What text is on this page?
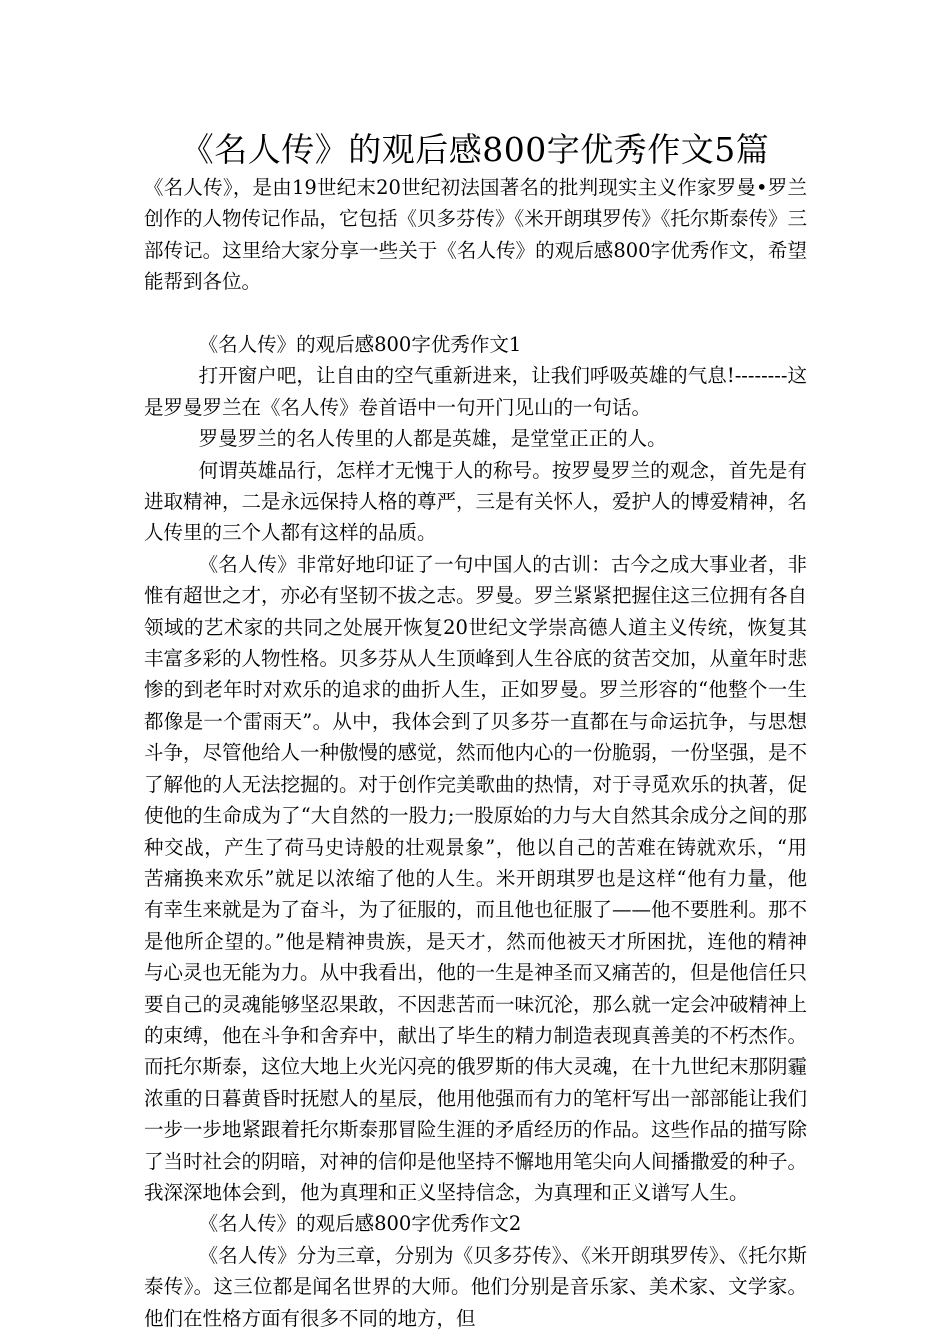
《名人传》的观后感800字优秀作文5篇

《名人传》，是由19世纪末20世纪初法国著名的批判现实主义作家罗曼•罗兰创作的人物传记作品，它包括《贝多芬传》《米开朗琪罗传》《托尔斯泰传》三部传记。这里给大家分享一些关于《名人传》的观后感800字优秀作文，希望能帮到各位。

《名人传》的观后感800字优秀作文1

打开窗户吧，让自由的空气重新进来，让我们呼吸英雄的气息!--------这是罗曼罗兰在《名人传》卷首语中一句开门见山的一句话。

罗曼罗兰的名人传里的人都是英雄，是堂堂正正的人。

何谓英雄品行，怎样才无愧于人的称号。按罗曼罗兰的观念，首先是有进取精神，二是永远保持人格的尊严，三是有关怀人，爱护人的博爱精神，名人传里的三个人都有这样的品质。

《名人传》非常好地印证了一句中国人的古训：古今之成大事业者，非惟有超世之才，亦必有坚韧不拔之志。罗曼。罗兰紧紧把握住这三位拥有各自领域的艺术家的共同之处展开恢复20世纪文学崇高德人道主义传统，恢复其丰富多彩的人物性格。贝多芬从人生顶峰到人生谷底的贫苦交加，从童年时悲惨的到老年时对欢乐的追求的曲折人生，正如罗曼。罗兰形容的“他整个一生都像是一个雷雨天”。从中，我体会到了贝多芬一直都在与命运抗争，与思想斗争，尽管他给人一种傲慢的感觉，然而他内心的一份脆弱，一份坚强，是不了解他的人无法挖掘的。对于创作完美歌曲的热情，对于寻觅欢乐的执著，促使他的生命成为了“大自然的一股力;一股原始的力与大自然其余成分之间的那种交战，产生了荷马史诗般的壮观景象”，他以自己的苦难在铸就欢乐，“用苦痛换来欢乐”就足以浓缩了他的人生。米开朗琪罗也是这样“他有力量，他有幸生来就是为了奋斗，为了征服的，而且他也征服了——他不要胜利。那不是他所企望的。”他是精神贵族，是天才，然而他被天才所困扰，连他的精神与心灵也无能为力。从中我看出，他的一生是神圣而又痛苦的，但是他信任只要自己的灵魂能够坚忍果敢，不因悲苦而一味沉沦，那么就一定会冲破精神上的束缚，他在斗争和舍弃中，献出了毕生的精力制造表现真善美的不朽杰作。而托尔斯泰，这位大地上火光闪亮的俄罗斯的伟大灵魂，在十九世纪末那阴霾浓重的日暮黄昏时抚慰人的星辰，他用他强而有力的笔杆写出一部部能让我们一步一步地紧跟着托尔斯泰那冒险生涯的矛盾经历的作品。这些作品的描写除了当时社会的阴暗，对神的信仰是他坚持不懈地用笔尖向人间播撒爱的种子。我深深地体会到，他为真理和正义坚持信念，为真理和正义谱写人生。

《名人传》的观后感800字优秀作文2

《名人传》分为三章，分别为《贝多芬传》、《米开朗琪罗传》、《托尔斯泰传》。这三位都是闻名世界的大师。他们分别是音乐家、美术家、文学家。他们在性格方面有很多不同的地方，但
